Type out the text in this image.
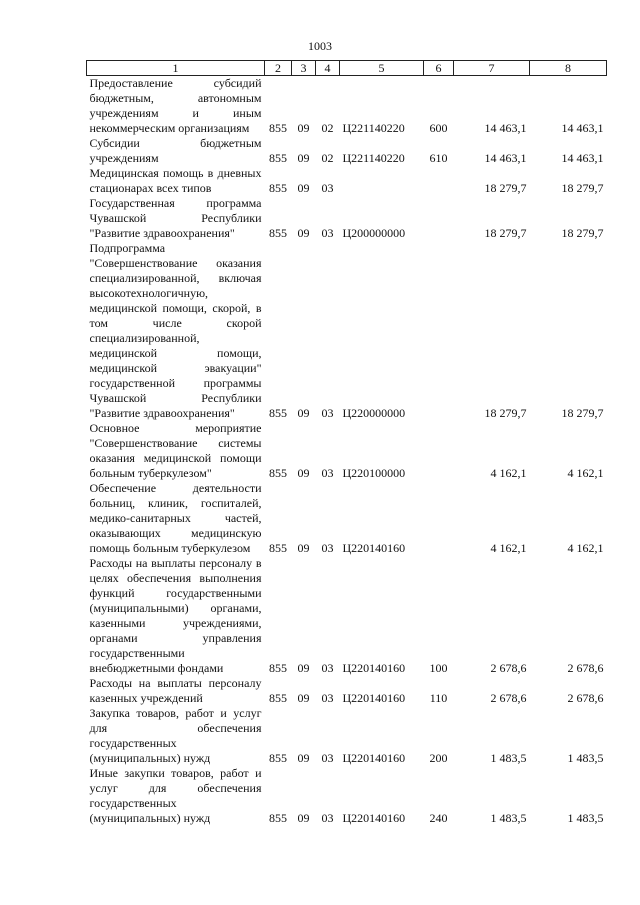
1003
1	2	3	4	5	6	7	8
Предоставление субсидий бюджетным, автономным учреждениям и иным некоммерческим организациям	855	09	02	Ц221140220	600	14 463,1	14 463,1
Субсидии бюджетным учреждениям	855	09	02	Ц221140220	610	14 463,1	14 463,1
Медицинская помощь в дневных стационарах всех типов	855	09	03			18 279,7	18 279,7
Государственная программа Чувашской Республики "Развитие здравоохранения"	855	09	03	Ц200000000		18 279,7	18 279,7
Подпрограмма "Совершенствование оказания специализированной, включая высокотехнологичную, медицинской помощи, скорой, в том числе скорой специализированной, медицинской помощи, медицинской эвакуации" государственной программы Чувашской Республики "Развитие здравоохранения"	855	09	03	Ц220000000		18 279,7	18 279,7
Основное мероприятие "Совершенствование системы оказания медицинской помощи больным туберкулезом"	855	09	03	Ц220100000		4 162,1	4 162,1
Обеспечение деятельности больниц, клиник, госпиталей, медико-санитарных частей, оказывающих медицинскую помощь больным туберкулезом	855	09	03	Ц220140160		4 162,1	4 162,1
Расходы на выплаты персоналу в целях обеспечения выполнения функций государственными (муниципальными) органами, казенными учреждениями, органами управления государственными внебюджетными фондами	855	09	03	Ц220140160	100	2 678,6	2 678,6
Расходы на выплаты персоналу казенных учреждений	855	09	03	Ц220140160	110	2 678,6	2 678,6
Закупка товаров, работ и услуг для обеспечения государственных (муниципальных) нужд	855	09	03	Ц220140160	200	1 483,5	1 483,5
Иные закупки товаров, работ и услуг для обеспечения государственных (муниципальных) нужд	855	09	03	Ц220140160	240	1 483,5	1 483,5
